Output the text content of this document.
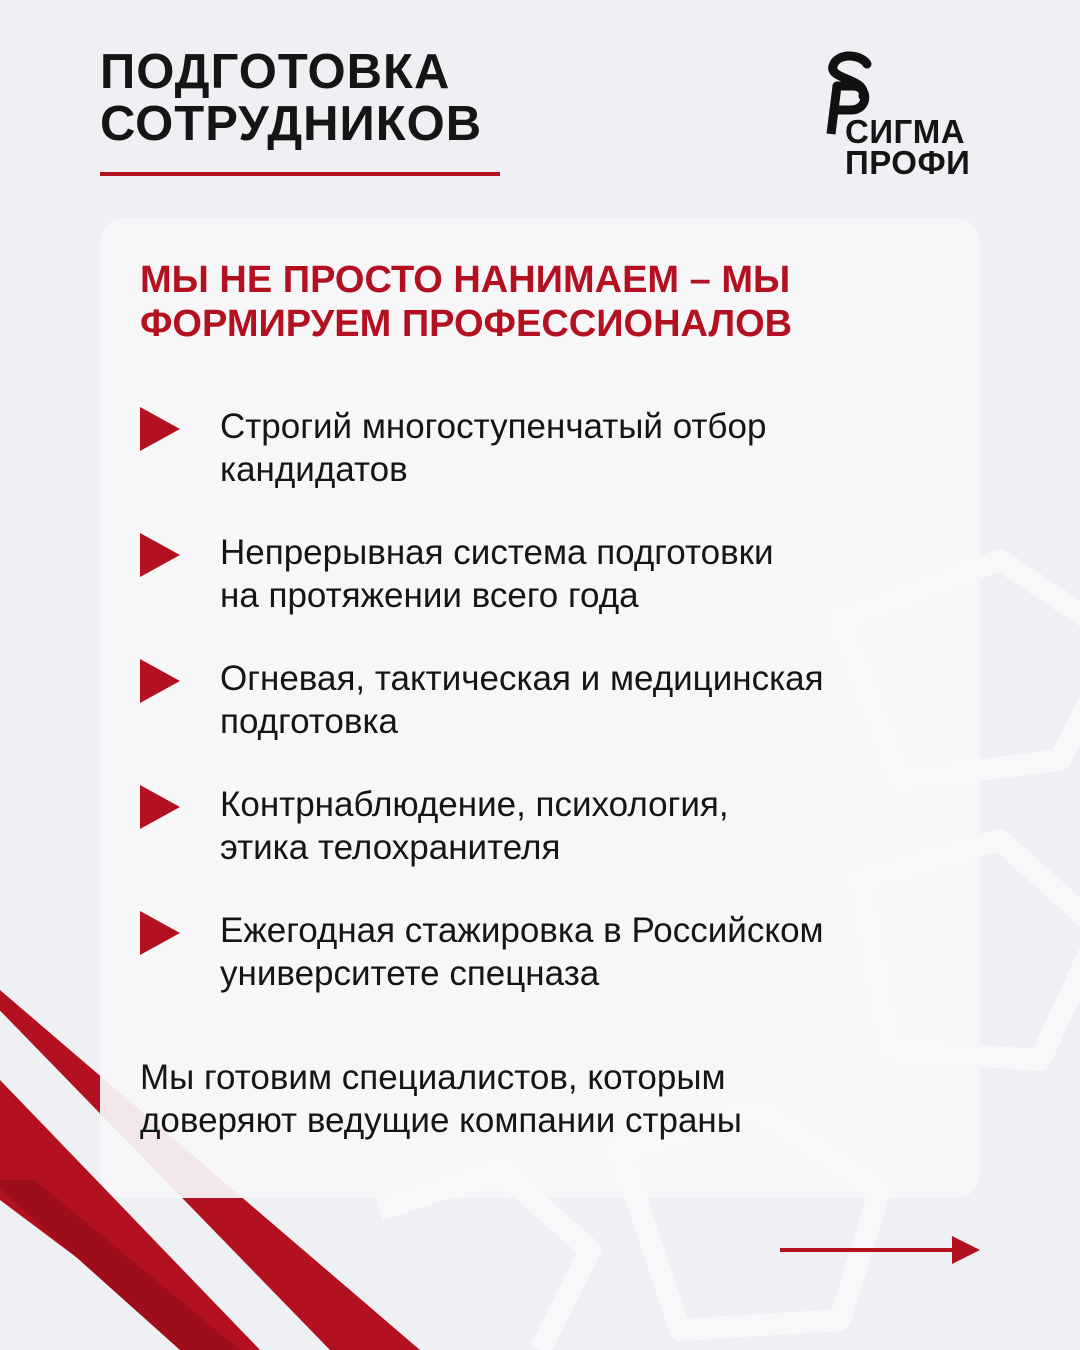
ПОДГОТОВКА
СОТРУДНИКОВ	СИГМА
ПРОФИ
МЫ НЕ ПРОСТО НАНИМАЕМ – МЫ
ФОРМИРУЕМ ПРОФЕССИОНАЛОВ
Строгий многоступенчатый отбор
кандидатов
Непрерывная система подготовки
на протяжении всего года
Огневая, тактическая и медицинская
подготовка
Контрнаблюдение, психология,
этика телохранителя
Ежегодная стажировка в Российском
университете спецназа

Мы готовим специалистов, которым
доверяют ведущие компании страны
